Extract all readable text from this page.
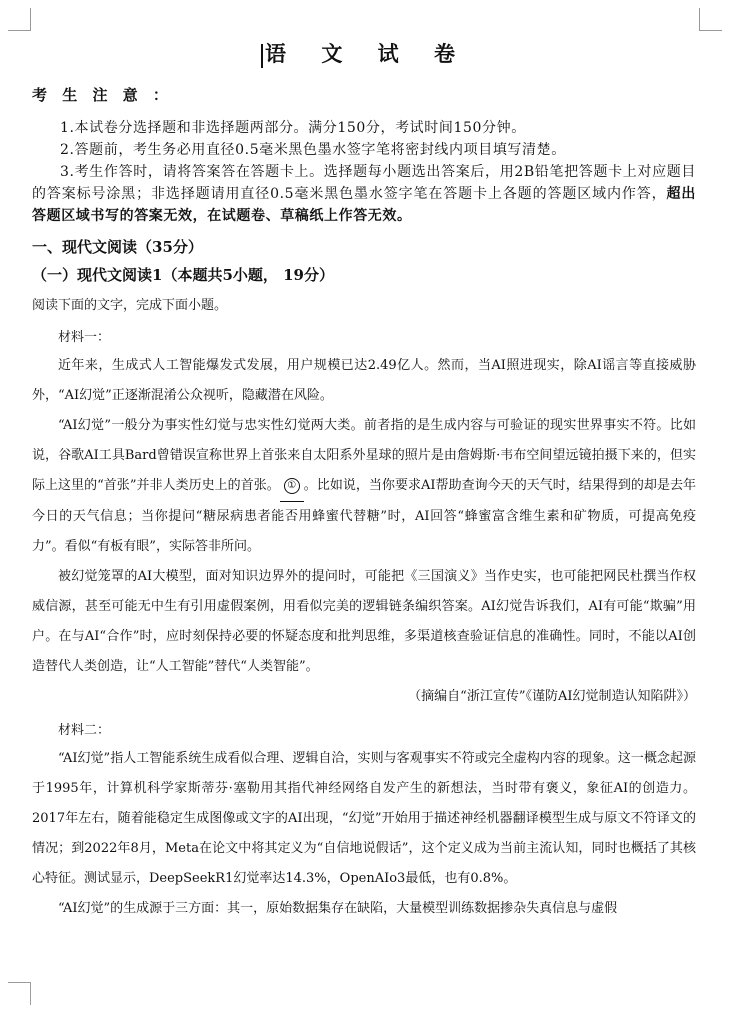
语 文 试 卷
考 生 注 意 ：

1.本试卷分选择题和非选择题两部分。满分150分，考试时间150分钟。

2.答题前，考生务必用直径0.5毫米黑色墨水签字笔将密封线内项目填写清楚。

3.考生作答时，请将答案答在答题卡上。选择题每小题选出答案后，用2B铅笔把答题卡上对应题目的答案标号涂黑；非选择题请用直径0.5毫米黑色墨水签字笔在答题卡上各题的答题区域内作答，超出答题区域书写的答案无效，在试题卷、草稿纸上作答无效。

一、现代文阅读（35分）
（一）现代文阅读1（本题共5小题， 19分）
阅读下面的文字，完成下面小题。
材料一：

近年来，生成式人工智能爆发式发展，用户规模已达2.49亿人。然而，当AI照进现实，除AI谣言等直接威胁外，“AI幻觉”正逐渐混淆公众视听，隐藏潜在风险。

“AI幻觉”一般分为事实性幻觉与忠实性幻觉两大类。前者指的是生成内容与可验证的现实世界事实不符。比如说，谷歌AI工具Bard曾错误宣称世界上首张来自太阳系外星球的照片是由詹姆斯·韦布空间望远镜拍摄下来的，但实际上这里的“首张”并非人类历史上的首张。 ① 。比如说，当你要求AI帮助查询今天的天气时，结果得到的却是去年今日的天气信息；当你提问“糖尿病患者能否用蜂蜜代替糖”时，AI回答“蜂蜜富含维生素和矿物质，可提高免疫力”。看似“有板有眼”，实际答非所问。

被幻觉笼罩的AI大模型，面对知识边界外的提问时，可能把《三国演义》当作史实，也可能把网民杜撰当作权威信源，甚至可能无中生有引用虚假案例，用看似完美的逻辑链条编织答案。AI幻觉告诉我们，AI有可能“欺骗”用户。在与AI“合作”时，应时刻保持必要的怀疑态度和批判思维，多渠道核查验证信息的准确性。同时，不能以AI创造替代人类创造，让“人工智能”替代“人类智能”。

（摘编自“浙江宣传”《谨防AI幻觉制造认知陷阱》）

材料二：

“AI幻觉”指人工智能系统生成看似合理、逻辑自洽，实则与客观事实不符或完全虚构内容的现象。这一概念起源于1995年，计算机科学家斯蒂芬·塞勒用其指代神经网络自发产生的新想法，当时带有褒义，象征AI的创造力。2017年左右，随着能稳定生成图像或文字的AI出现，“幻觉”开始用于描述神经机器翻译模型生成与原文不符译文的情况；到2022年8月，Meta在论文中将其定义为“自信地说假话”，这个定义成为当前主流认知，同时也概括了其核心特征。测试显示，DeepSeekR1幻觉率达14.3%，OpenAIo3最低，也有0.8%。

“AI幻觉”的生成源于三方面：其一，原始数据集存在缺陷，大量模型训练数据掺杂失真信息与虚假
